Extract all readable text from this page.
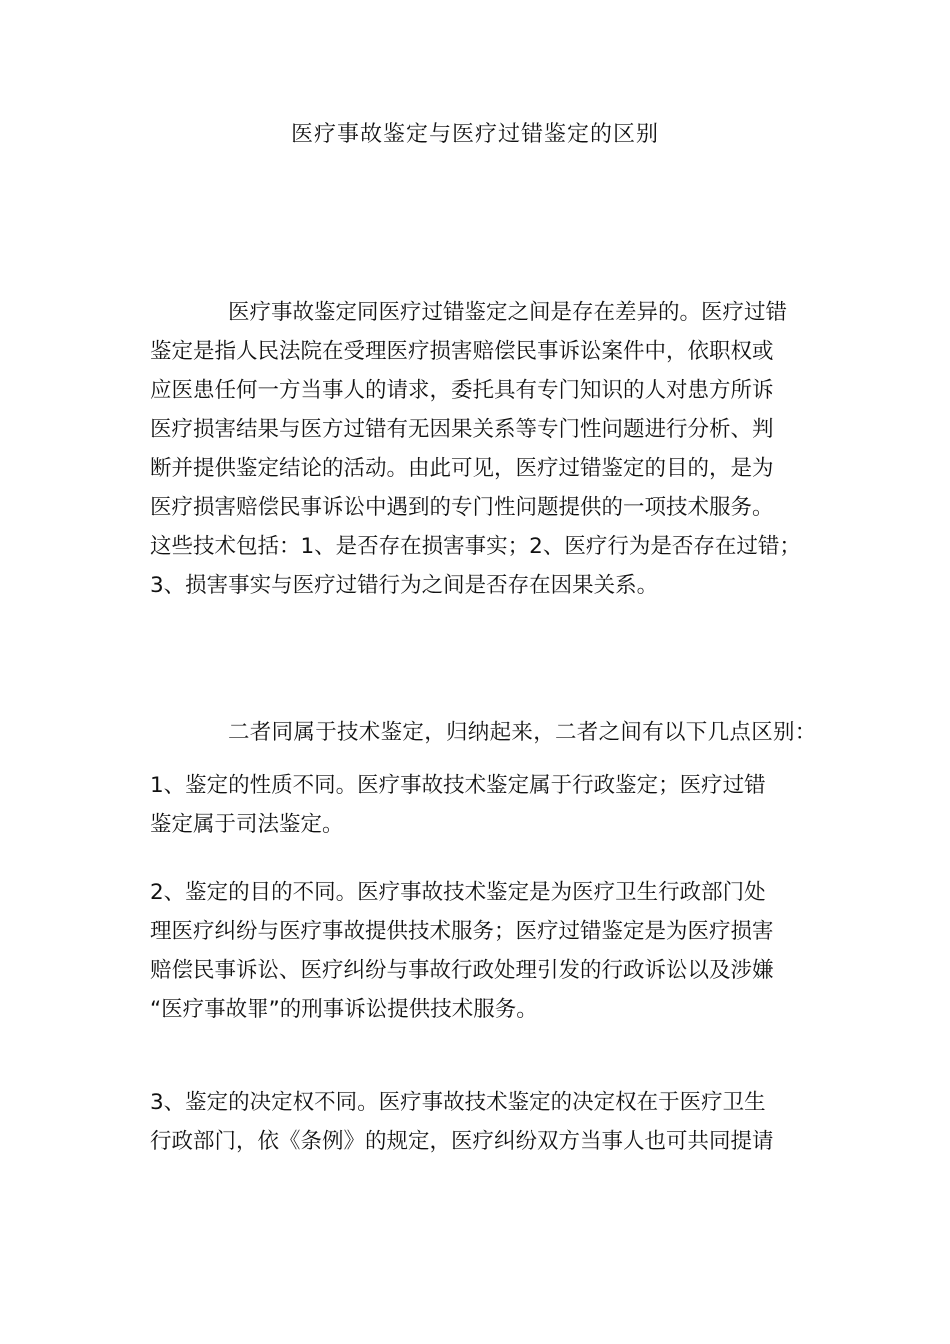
医疗事故鉴定与医疗过错鉴定的区别

医疗事故鉴定同医疗过错鉴定之间是存在差异的。医疗过错

鉴定是指人民法院在受理医疗损害赔偿民事诉讼案件中，依职权或

应医患任何一方当事人的请求，委托具有专门知识的人对患方所诉

医疗损害结果与医方过错有无因果关系等专门性问题进行分析、判

断并提供鉴定结论的活动。由此可见，医疗过错鉴定的目的，是为

医疗损害赔偿民事诉讼中遇到的专门性问题提供的一项技术服务。

这些技术包括：1、是否存在损害事实；2、医疗行为是否存在过错；

3、损害事实与医疗过错行为之间是否存在因果关系。

二者同属于技术鉴定，归纳起来，二者之间有以下几点区别：

1、鉴定的性质不同。医疗事故技术鉴定属于行政鉴定；医疗过错

鉴定属于司法鉴定。

2、鉴定的目的不同。医疗事故技术鉴定是为医疗卫生行政部门处

理医疗纠纷与医疗事故提供技术服务；医疗过错鉴定是为医疗损害

赔偿民事诉讼、医疗纠纷与事故行政处理引发的行政诉讼以及涉嫌

“医疗事故罪”的刑事诉讼提供技术服务。

3、鉴定的决定权不同。医疗事故技术鉴定的决定权在于医疗卫生

行政部门，依《条例》的规定，医疗纠纷双方当事人也可共同提请
